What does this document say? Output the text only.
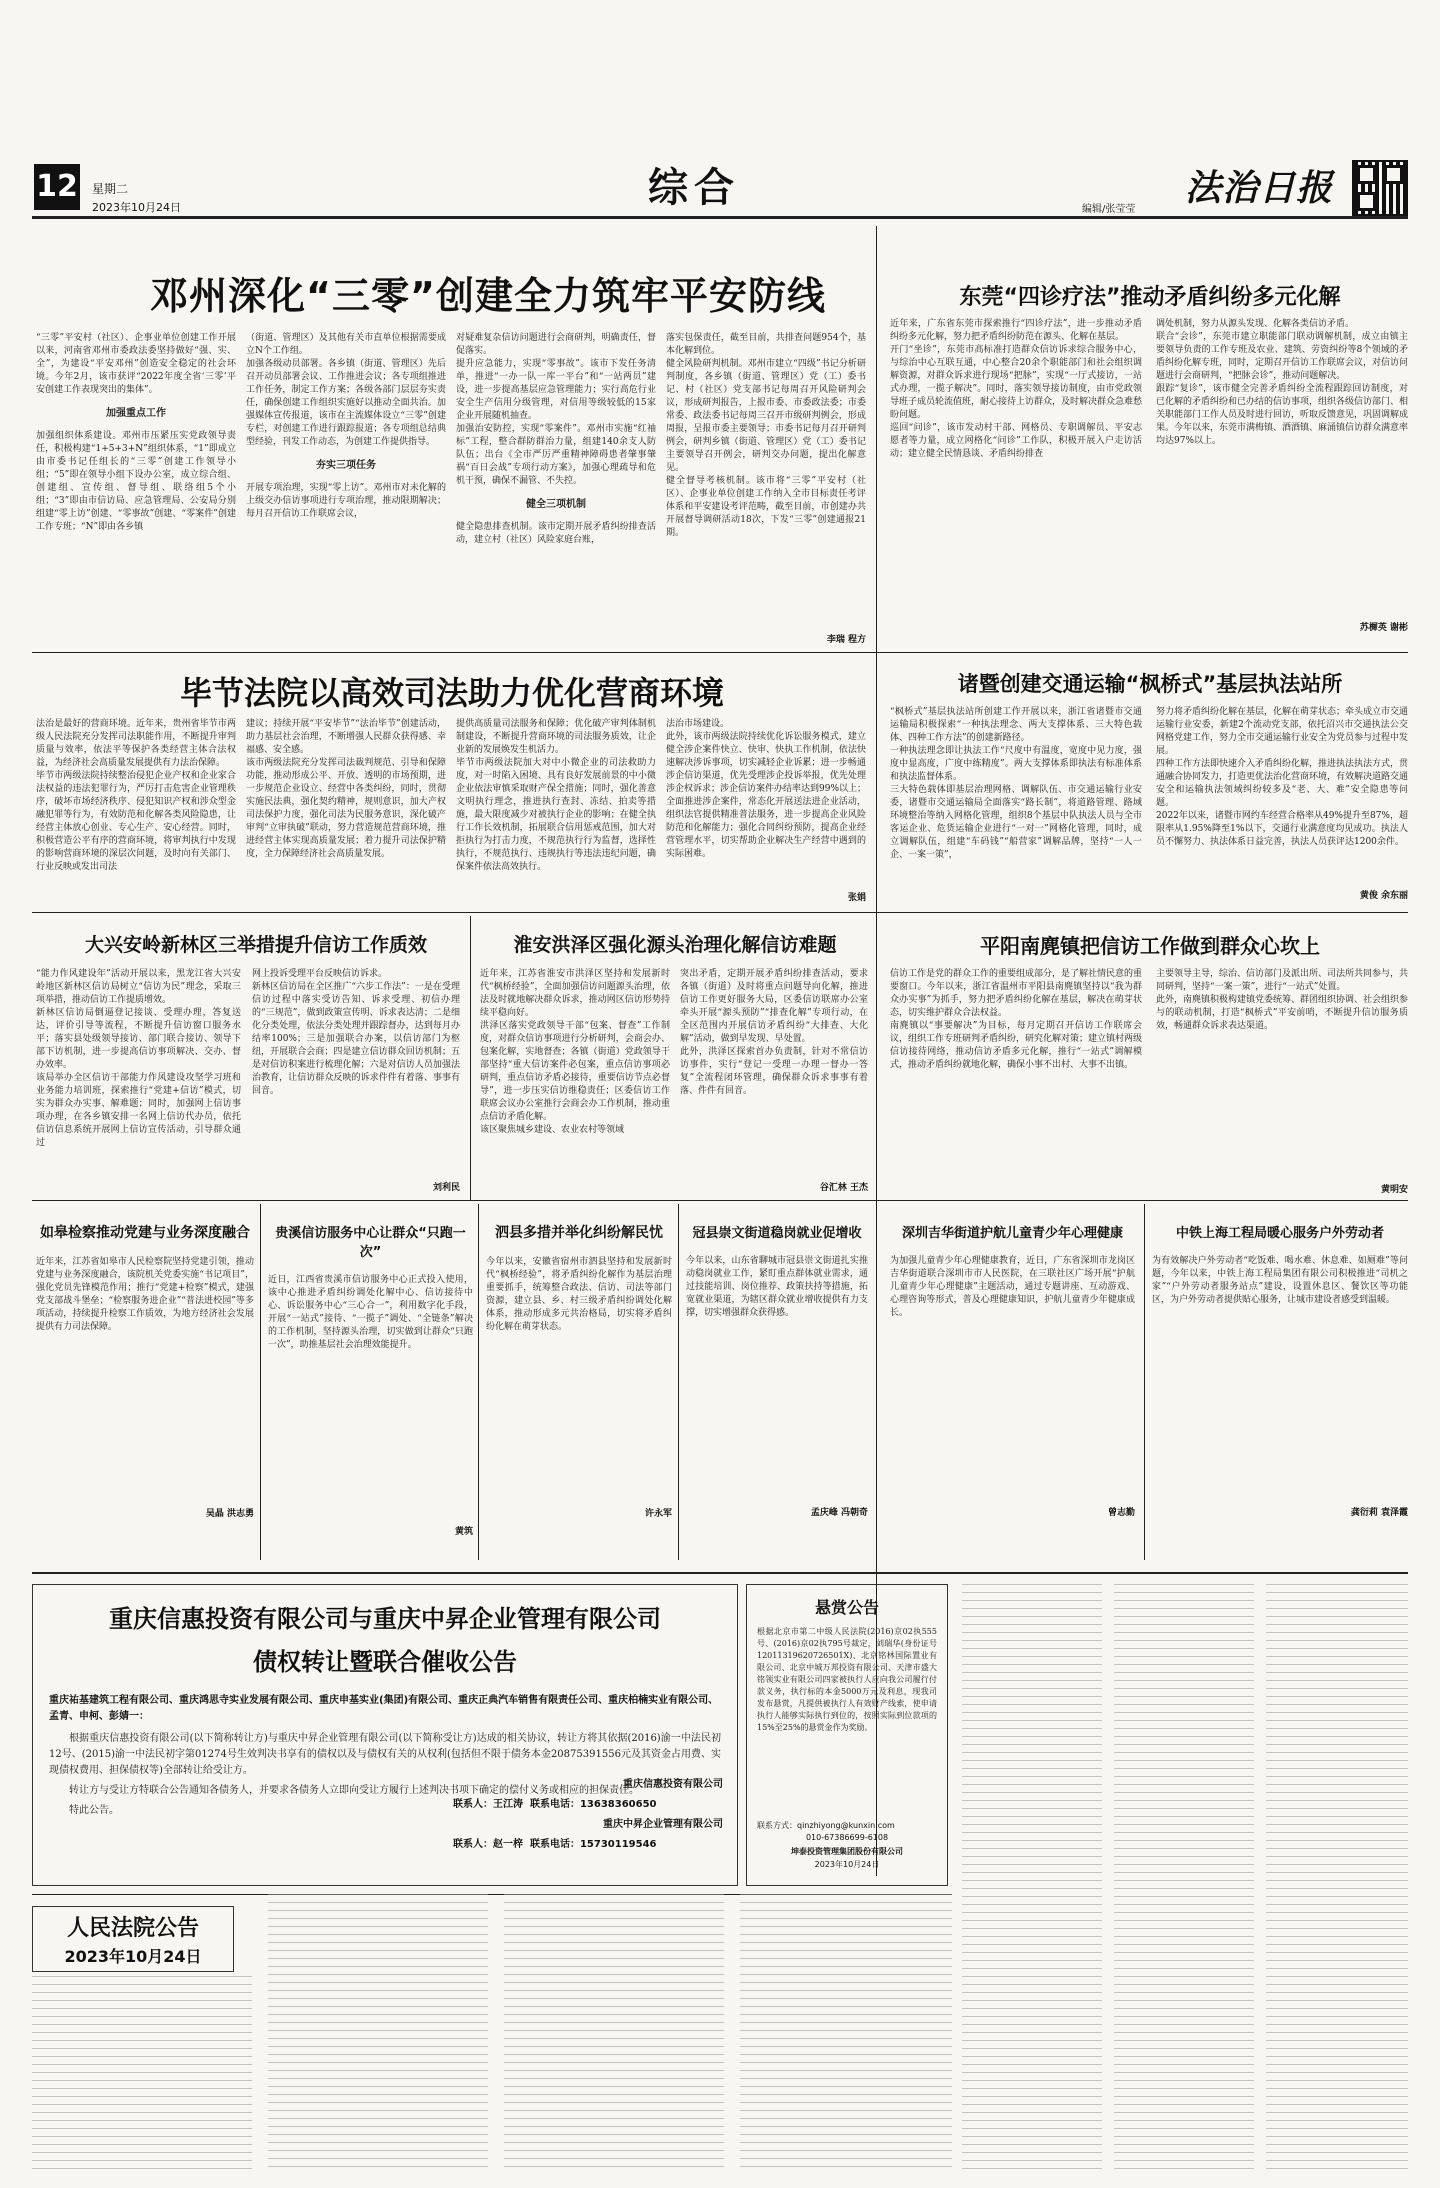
12 星期二
2023年10月24日	综合	编辑/张莹莹
法治日报
邓州深化“三零”创建全力筑牢平安防线
“三零”平安村（社区）、企事业单位创建工作开展以来，河南省邓州市委政法委坚持做好“强、实、全”，为建设“平安邓州”创造安全稳定的社会环境。今年2月，该市获评“2022年度全省‘三零’平安创建工作表现突出的集体”。
加强重点工作
加强组织体系建设。邓州市压紧压实党政领导责任，积极构建“1+5+3+N”组织体系，“1”即成立由市委书记任组长的“三零”创建工作领导小组；“5”即在领导小组下设办公室，成立综合组、创建组、宣传组、督导组、联络组5个小组；“3”即由市信访局、应急管理局、公安局分别组建“零上访”创建、“零事故”创建、“零案件”创建工作专班；“N”即由各乡镇
（街道、管理区）及其他有关市直单位根据需要成立N个工作组。
加强各级动员部署。各乡镇（街道、管理区）先后召开动员部署会议、工作推进会议；各专项组推进工作任务，制定工作方案；各级各部门层层夯实责任，确保创建工作组织实施好以推动全面共治。加强媒体宣传报道，该市在主流媒体设立“三零”创建专栏，对创建工作进行跟踪报道；各专项组总结典型经验，刊发工作动态，为创建工作提供指导。
夯实三项任务
开展专项治理，实现“零上访”。邓州市对未化解的上级交办信访事项进行专项治理，推动限期解决；每月召开信访工作联席会议，
对疑难复杂信访问题进行会商研判，明确责任，督促落实。
提升应急能力，实现“零事故”。该市下发任务清单，推进“一办一队一库一平台”和“一站两员”建设，进一步提高基层应急管理能力；实行高危行业安全生产信用分级管理，对信用等级较低的15家企业开展随机抽查。
加强治安防控，实现“零案件”。邓州市实施“红袖标”工程，整合群防群治力量，组建140余支人防队伍；出台《全市严厉严重精神障碍患者肇事肇祸“百日会战”专项行动方案》，加强心理疏导和危机干预，确保不漏管、不失控。
健全三项机制
健全隐患排查机制。该市定期开展矛盾纠纷排查活动，建立村（社区）风险家庭台账，
落实包保责任，截至目前，共排查问题954个，基本化解到位。
健全风险研判机制。邓州市建立“四级”书记分析研判制度，各乡镇（街道、管理区）党（工）委书记、村（社区）党支部书记每周召开风险研判会议，形成研判报告，上报市委、市委政法委；市委常委、政法委书记每周三召开市级研判例会，形成周报，呈报市委主要领导；市委书记每月召开研判例会，研判乡镇（街道、管理区）党（工）委书记主要领导召开例会，研判交办问题，提出化解意见。
健全督导考核机制。该市将“三零”平安村（社区）、企事业单位创建工作纳入全市目标责任考评体系和平安建设考评范畴，截至目前，市创建办共开展督导调研活动18次，下发“三零”创建通报21期。
李瑞 程方
东莞“四诊疗法”推动矛盾纠纷多元化解
近年来，广东省东莞市探索推行“四诊疗法”，进一步推动矛盾纠纷多元化解，努力把矛盾纠纷防范在源头、化解在基层。
开门“坐诊”，东莞市高标准打造群众信访诉求综合服务中心，与综治中心互联互通，中心整合20余个职能部门和社会组织调解资源，对群众诉求进行现场“把脉”，实现“一厅式接访，一站式办理，一揽子解决”。同时，落实领导接访制度，由市党政领导班子成员轮流值班，耐心接待上访群众，及时解决群众急难愁盼问题。
巡回“问诊”，该市发动村干部、网格员、专职调解员、平安志愿者等力量，成立网格化“问诊”工作队，积极开展入户走访活动；建立健全民情恳谈、矛盾纠纷排查
调处机制，努力从源头发现、化解各类信访矛盾。
联合“会诊”，东莞市建立职能部门联动调解机制，成立由镇主要领导负责的工作专班及农业、建筑、劳资纠纷等8个领域的矛盾纠纷化解专班，同时，定期召开信访工作联席会议，对信访问题进行会商研判，“把脉会诊”，推动问题解决。
跟踪“复诊”，该市健全完善矛盾纠纷全流程跟踪回访制度，对已化解的矛盾纠纷和已办结的信访事项，组织各级信访部门、相关职能部门工作人员及时进行回访，听取反馈意见，巩固调解成果。今年以来，东莞市满梅镇、酒酒镇、麻涌镇信访群众满意率均达97%以上。
苏樨英 谢彬
毕节法院以高效司法助力优化营商环境
法治是最好的营商环境。近年来，贵州省毕节市两级人民法院充分发挥司法职能作用，不断提升审判质量与效率，依法平等保护各类经营主体合法权益，为经济社会高质量发展提供有力法治保障。
毕节市两级法院持续整治侵犯企业产权和企业家合法权益的违法犯罪行为，严厉打击危害企业管理秩序，破坏市场经济秩序、侵犯知识产权和涉众型金融犯罪等行为，有效防范和化解各类风险隐患，让经营主体放心创业、专心生产、安心经营。同时，积极营造公平有序的营商环境，将审判执行中发现的影响营商环境的深层次问题，及时向有关部门、行业反映或发出司法
建议；持续开展“平安毕节”“法治毕节”创建活动，助力基层社会治理，不断增强人民群众获得感、幸福感、安全感。
该市两级法院充分发挥司法裁判规范、引导和保障功能，推动形成公平、开放、透明的市场预期，进一步规范企业设立、经营中各类纠纷，同时，贯彻实施民法典，强化契约精神，规则意识，加大产权司法保护力度，强化司法为民服务意识，深化破产审判“立审执破”联动，努力营造规范营商环境，推进经营主体实现高质量发展；着力提升司法保护精度，全力保障经济社会高质量发展。
提供高质量司法服务和保障；优化破产审判体制机制建设，不断提升营商环境的司法服务质效，让企业新的发展焕发生机活力。
毕节市两级法院加大对中小微企业的司法救助力度，对一时陷入困境、具有良好发展前景的中小微企业依法审慎采取财产保全措施；同时，强化善意文明执行理念，推进执行查封、冻结、拍卖等措施，最大限度减少对被执行企业的影响；在健全执行工作长效机制，拓展联合信用惩戒范围，加大对拒执行为打击力度，不规范执行行为监督，选择性执行，不规范执行、违规执行等违法违纪问题，确保案件依法高效执行。
法治市场建设。
此外，该市两级法院持续优化诉讼服务模式，建立健全涉企案件快立、快审、快执工作机制，依法快速解决涉诉事项，切实减轻企业诉累；进一步畅通涉企信访渠道，优先受理涉企投诉举报，优先处理涉企权诉求；涉企信访案件办结率达到99%以上；全面推进涉企案件，常态化开展送法进企业活动，组织法官提供精准普法服务，进一步提高企业风险防范和化解能力；强化合同纠纷预防，提高企业经营管理水平，切实帮助企业解决生产经营中遇到的实际困难。
张娟
诸暨创建交通运输“枫桥式”基层执法站所
“枫桥式”基层执法站所创建工作开展以来，浙江省诸暨市交通运输局积极探索“一种执法理念、两大支撑体系、三大特色载体、四种工作方法”的创建新路径。
一种执法理念即让执法工作“尺度中有温度，宽度中见力度，强度中显高度，广度中练精度”。两大支撑体系即执法有标准体系和执法监督体系。
三大特色载体即基层治理网格、调解队伍、市交通运输行业安委，诸暨市交通运输局全面落实“路长制”，将道路管理、路域环境整治等纳入网格化管理，组织8个基层中队执法人员与全市客运企业、危货运输企业进行“一对一”网格化管理，同时，成立调解队伍，组建“车码钱”“船营家”调解品牌，坚持“一人一企、一案一策”，
努力将矛盾纠纷化解在基层，化解在萌芽状态；牵头成立市交通运输行业安委，新建2个流动党支部，依托沼兴市交通执法公交网格党建工作，努力全市交通运输行业安全为党员参与过程中发展。
四种工作方法即快速介入矛盾纠纷化解，推进执法执法方式，贯通融合协同发力，打造更优法治化营商环境，有效解决道路交通安全和运输执法领域纠纷较多及“老、大、难”安全隐患等问题。
2022年以来，诸暨市网约车经营合格率从49%提升至87%，超限率从1.95%降至1%以下，交通行业满意度均见成功。执法人员不懈努力、执法体系日益完善，执法人员获评达1200余件。
黄俊 余东丽
大兴安岭新林区三举措提升信访工作质效
“能力作风建设年”活动开展以来，黑龙江省大兴安岭地区新林区信访局树立“信访为民”理念，采取三项举措，推动信访工作提质增效。
新林区信访局倒逼登记接谈、受理办理，答复送达，评价引导等流程，不断提升信访窗口服务水平；落实县处级领导接访、部门联合接访、领导下部下访机制，进一步提高信访事项解决、交办、督办效率。
该局举办全区信访干部能力作风建设攻坚学习班和业务能力培训班，探索推行“党建+信访”模式，切实为群众办实事、解难题；同时，加强网上信访事项办理，在各乡镇安排一名网上信访代办员，依托信访信息系统开展网上信访宣传活动，引导群众通过
网上投诉受理平台反映信访诉求。
新林区信访局在全区推广“六步工作法”：一是在受理信访过程中落实受访告知、诉求受理、初信办理的“三规范”，做到政策宣传明、诉求表达清；二是细化分类处理，依法分类处理并跟踪督办，达到每月办结率100%；三是加强联合办案，以信访部门为枢纽，开展联合会商；四是建立信访群众回访机制；五是对信访积案进行梳理化解；六是对信访人员加强法治教育，让信访群众反映的诉求件件有着落、事事有回音。
刘利民
淮安洪泽区强化源头治理化解信访难题
近年来，江苏省淮安市洪泽区坚持和发展新时代“枫桥经验”，全面加强信访问题源头治理，依法及时就地解决群众诉求，推动网区信访形势持续平稳向好。
洪泽区落实党政领导干部“包案、督查”工作制度，对群众信访事项进行分析研判，会商会办、包案化解，实地督查；各镇（街道）党政领导干部坚持“重大信访案件必包案，重点信访事项必研判，重点信访矛盾必接待，重要信访节点必督导”，进一步压实信访维稳责任；区委信访工作联席会议办公室推行会商会办工作机制，推动重点信访矛盾化解。
该区聚焦城乡建设、农业农村等领域
突出矛盾，定期开展矛盾纠纷排查活动，要求各镇（街道）及时将重点问题导向化解，推进信访工作更好服务大局，区委信访联席办公室牵头开展“源头预防”“排查化解”专项行动，在全区范围内开展信访矛盾纠纷“大排查、大化解”活动，做到早发现、早处置。
此外，洪泽区探索首办负责制，针对不常信访访事件，实行“登记一受理一办理一督办一答复”全流程闭环管理，确保群众诉求事事有着落、件件有回音。
谷汇林 王杰
平阳南麂镇把信访工作做到群众心坎上
信访工作是党的群众工作的重要组成部分，是了解社情民意的重要窗口。今年以来，浙江省温州市平阳县南麂镇坚持以“我为群众办实事”为抓手，努力把矛盾纠纷化解在基层，解决在萌芽状态，切实维护群众合法权益。
南麂镇以“事要解决”为目标，每月定期召开信访工作联席会议，组织工作专班研判矛盾纠纷，研究化解对策；建立镇村两级信访接待网络，推动信访矛盾多元化解，推行“一站式”调解模式，推动矛盾纠纷就地化解，确保小事不出村、大事不出镇。
主要领导主导，综治、信访部门及派出所、司法所共同参与，共同研判，坚持“一案一策”，进行“一站式”处置。
此外，南麂镇积极构建镇党委统筹、群团组织协调、社会组织参与的联动机制，打造“枫桥式”平安前哨，不断提升信访服务质效，畅通群众诉求表达渠道。
黄明安
如皋检察推动党建与业务深度融合
近年来，江苏省如皋市人民检察院坚持党建引领，推动党建与业务深度融合，该院机关党委实施“书记项目”，强化党员先锋模范作用；推行“党建+检察”模式，建强党支部战斗堡垒；“检察服务进企业”“普法进校园”等多项活动，持续提升检察工作质效，为地方经济社会发展提供有力司法保障。
吴晶 洪志勇
贵溪信访服务中心让群众“只跑一次”
近日，江西省贵溪市信访服务中心正式投入使用，该中心推进矛盾纠纷调处化解中心、信访接待中心、诉讼服务中心“三心合一”，利用数字化手段，开展“一站式”接待、“一揽子”调处、“全链条”解决的工作机制，坚持源头治理，切实做到让群众“只跑一次”，助推基层社会治理效能提升。
黄筑
泗县多措并举化纠纷解民忧
今年以来，安徽省宿州市泗县坚持和发展新时代“枫桥经验”，将矛盾纠纷化解作为基层治理重要抓手，统筹整合政法、信访、司法等部门资源，建立县、乡、村三级矛盾纠纷调处化解体系，推动形成多元共治格局，切实将矛盾纠纷化解在萌芽状态。
许永军
冠县崇文街道稳岗就业促增收
今年以来，山东省聊城市冠县崇文街道扎实推动稳岗就业工作，紧盯重点群体就业需求，通过技能培训、岗位推荐、政策扶持等措施，拓宽就业渠道，为辖区群众就业增收提供有力支撑，切实增强群众获得感。
孟庆峰 冯朝奇
深圳吉华街道护航儿童青少年心理健康
为加强儿童青少年心理健康教育，近日，广东省深圳市龙岗区吉华街道联合深圳市市人民医院，在三联社区广场开展“护航儿童青少年心理健康”主题活动，通过专题讲座、互动游戏、心理咨询等形式，普及心理健康知识，护航儿童青少年健康成长。
曾志勤
中铁上海工程局暖心服务户外劳动者
为有效解决户外劳动者“吃饭难、喝水难、休息难、如厕难”等问题，今年以来，中铁上海工程局集团有限公司积极推进“司机之家”“户外劳动者服务站点”建设，设置休息区、餐饮区等功能区，为户外劳动者提供贴心服务，让城市建设者感受到温暖。
龚衍莉 袁泽霞
重庆信惠投资有限公司与重庆中昇企业管理有限公司
债权转让暨联合催收公告
重庆祐基建筑工程有限公司、重庆鸿思寺实业发展有限公司、重庆申基实业(集团)有限公司、重庆正典汽车销售有限责任公司、重庆柏楠实业有限公司、孟青、申柯、彭婧一：
根据重庆信惠投资有限公司(以下简称转让方)与重庆中昇企业管理有限公司(以下简称受让方)达成的相关协议，转让方将其依据(2016)渝一中法民初12号、(2015)渝一中法民初字第01274号生效判决书享有的债权以及与债权有关的从权利(包括但不限于债务本金20875391556元及其资金占用费、实现债权费用、担保债权等)全部转让给受让方。
转让方与受让方特联合公告通知各债务人，并要求各债务人立即向受让方履行上述判决书项下确定的偿付义务或相应的担保责任。
特此公告。
重庆信惠投资有限公司
联系人：王江涛 联系电话：13638360650
重庆中昇企业管理有限公司
联系人：赵一梓 联系电话：15730119546
悬赏公告
根据北京市第二中级人民法院(2016)京02执555号、(2016)京02执795号裁定，刘瑞华(身份证号12011319620726501X)、北京铭林国际置业有限公司、北京中城万邦投资有限公司、天津市盛大铭领实业有限公司四家被执行人应向我公司履行付款义务，执行标的本金5000万元及利息，现我司发布悬赏，凡提供被执行人有效财产线索，使申请执行人能够实际执行到位的，按照实际到位款项的15%至25%的悬赏金作为奖励。
联系方式：qinzhiyong@kunxin.com
010-67386699-6108
坤泰投资管理集团股份有限公司
2023年10月24日
人民法院公告
2023年10月24日
